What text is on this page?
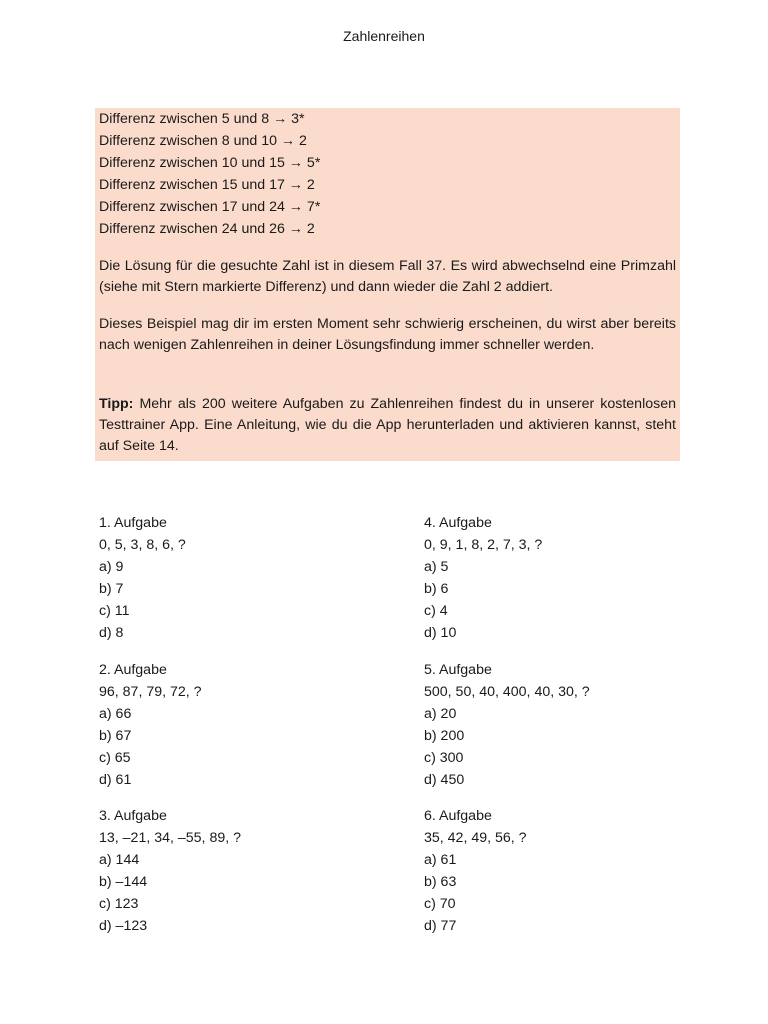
Zahlenreihen
Differenz zwischen 5 und 8 → 3*
Differenz zwischen 8 und 10 → 2
Differenz zwischen 10 und 15 → 5*
Differenz zwischen 15 und 17 → 2
Differenz zwischen 17 und 24 → 7*
Differenz zwischen 24 und 26 → 2
Die Lösung für die gesuchte Zahl ist in diesem Fall 37. Es wird abwechselnd eine Primzahl (siehe mit Stern markierte Differenz) und dann wieder die Zahl 2 addiert.
Dieses Beispiel mag dir im ersten Moment sehr schwierig erscheinen, du wirst aber bereits nach wenigen Zahlenreihen in deiner Lösungsfindung immer schneller werden.
Tipp: Mehr als 200 weitere Aufgaben zu Zahlenreihen findest du in unserer kostenlosen Testtrainer App. Eine Anleitung, wie du die App herunterladen und aktivieren kannst, steht auf Seite 14.
1. Aufgabe
0, 5, 3, 8, 6, ?
a) 9
b) 7
c) 11
d) 8
2. Aufgabe
96, 87, 79, 72, ?
a) 66
b) 67
c) 65
d) 61
3. Aufgabe
13, –21, 34, –55, 89, ?
a) 144
b) –144
c) 123
d) –123
4. Aufgabe
0, 9, 1, 8, 2, 7, 3, ?
a) 5
b) 6
c) 4
d) 10
5. Aufgabe
500, 50, 40, 400, 40, 30, ?
a) 20
b) 200
c) 300
d) 450
6. Aufgabe
35, 42, 49, 56, ?
a) 61
b) 63
c) 70
d) 77
